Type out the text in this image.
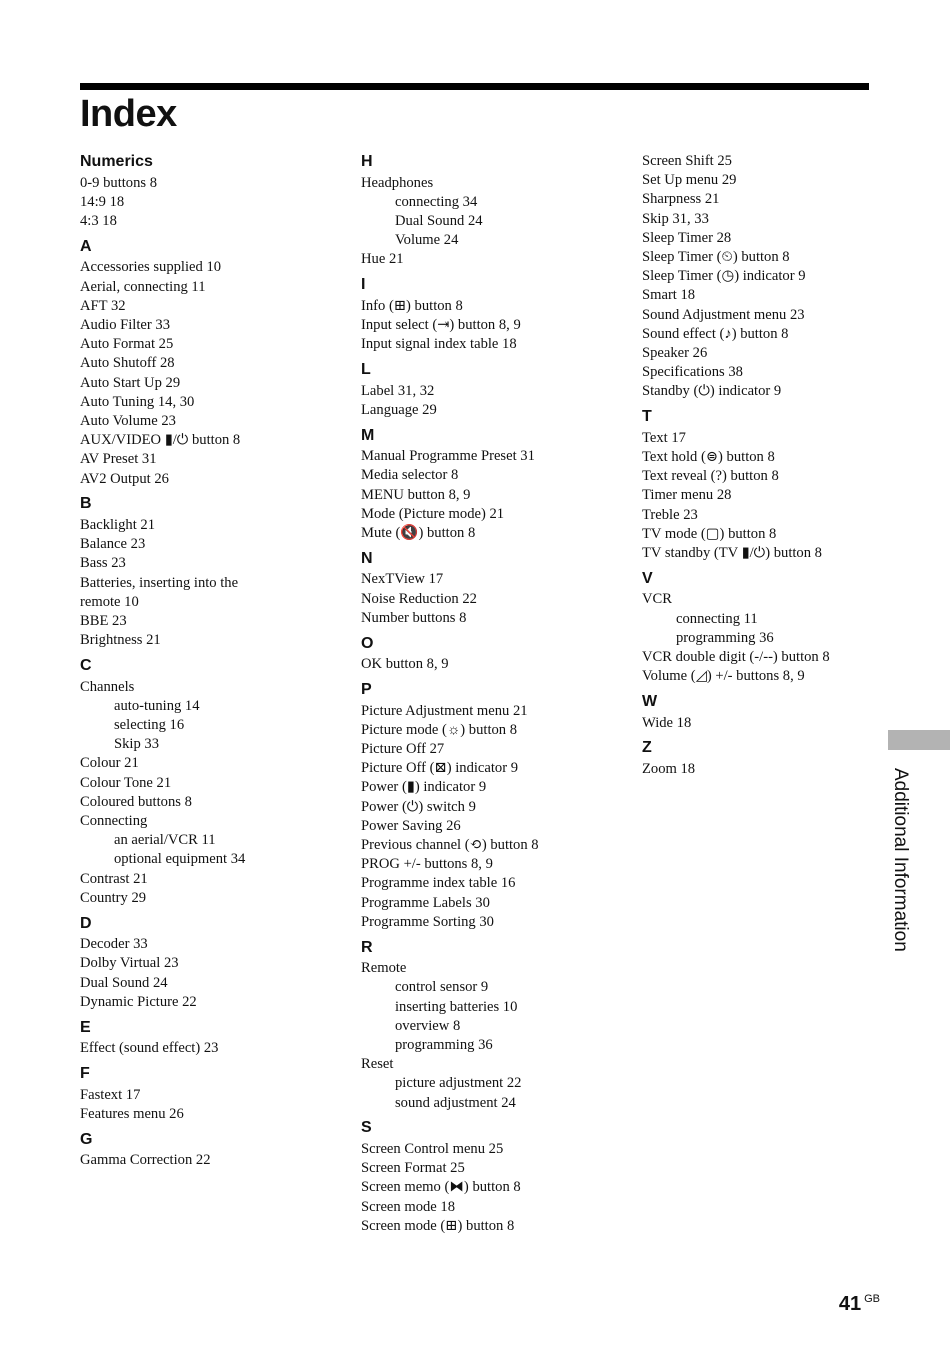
Index
Numerics
0-9 buttons 8
14:9 18
4:3 18
A
Accessories supplied 10
Aerial, connecting 11
AFT 32
Audio Filter 33
Auto Format 25
Auto Shutoff 28
Auto Start Up 29
Auto Tuning 14, 30
Auto Volume 23
AUX/VIDEO ▮/⏻ button 8
AV Preset 31
AV2 Output 26
B
Backlight 21
Balance 23
Bass 23
Batteries, inserting into the
remote 10
BBE 23
Brightness 21
C
Channels
auto-tuning 14
selecting 16
Skip 33
Colour 21
Colour Tone 21
Coloured buttons 8
Connecting
an aerial/VCR 11
optional equipment 34
Contrast 21
Country 29
D
Decoder 33
Dolby Virtual 23
Dual Sound 24
Dynamic Picture 22
E
Effect (sound effect) 23
F
Fastext 17
Features menu 26
G
Gamma Correction 22
H
Headphones
connecting 34
Dual Sound 24
Volume 24
Hue 21
I
Info (⊞) button 8
Input select (⇥) button 8, 9
Input signal index table 18
L
Label 31, 32
Language 29
M
Manual Programme Preset 31
Media selector 8
MENU button 8, 9
Mode (Picture mode) 21
Mute (🔇) button 8
N
NexTView 17
Noise Reduction 22
Number buttons 8
O
OK button 8, 9
P
Picture Adjustment menu 21
Picture mode (☼) button 8
Picture Off 27
Picture Off (⊠) indicator 9
Power (▮) indicator 9
Power (⏻) switch 9
Power Saving 26
Previous channel (⟲) button 8
PROG +/- buttons 8, 9
Programme index table 16
Programme Labels 30
Programme Sorting 30
R
Remote
control sensor 9
inserting batteries 10
overview 8
programming 36
Reset
picture adjustment 22
sound adjustment 24
S
Screen Control menu 25
Screen Format 25
Screen memo (⧓) button 8
Screen mode 18
Screen mode (⊞) button 8
Screen Shift 25
Set Up menu 29
Sharpness 21
Skip 31, 33
Sleep Timer 28
Sleep Timer (⏲) button 8
Sleep Timer (◷) indicator 9
Smart 18
Sound Adjustment menu 23
Sound effect (♪) button 8
Speaker 26
Specifications 38
Standby (⏻) indicator 9
T
Text 17
Text hold (⊜) button 8
Text reveal (?) button 8
Timer menu 28
Treble 23
TV mode (▢) button 8
TV standby (TV ▮/⏻) button 8
V
VCR
connecting 11
programming 36
VCR double digit (-/--) button 8
Volume (◿) +/- buttons 8, 9
W
Wide 18
Z
Zoom 18	Additional Information
41 $^{GB}$
